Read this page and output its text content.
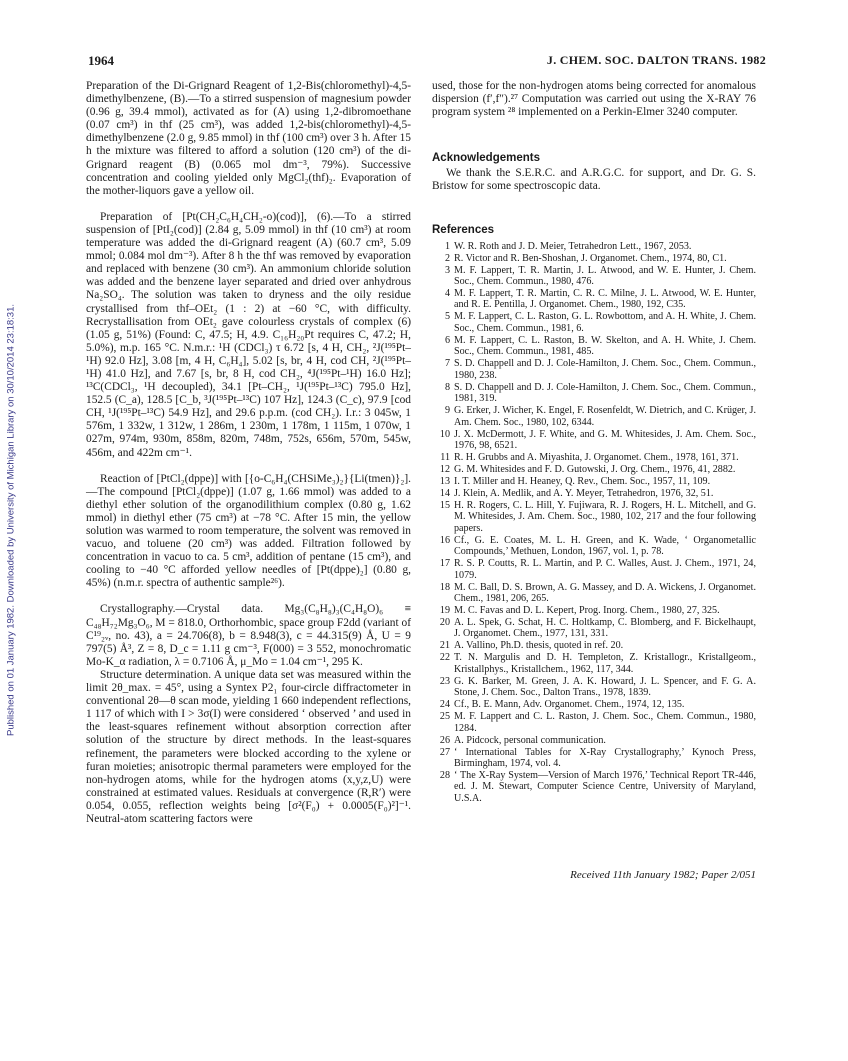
Published on 01 January 1982. Downloaded by University of Michigan Library on 30/10/2014 23:18:31.
1964	J. CHEM. SOC. DALTON TRANS. 1982

Preparation of the Di-Grignard Reagent of 1,2-Bis(chloromethyl)-4,5-dimethylbenzene, (B).—To a stirred suspension of magnesium powder (0.96 g, 39.4 mmol), activated as for (A) using 1,2-dibromoethane (0.07 cm³) in thf (25 cm³), was added 1,2-bis(chloromethyl)-4,5-dimethylbenzene (2.0 g, 9.85 mmol) in thf (100 cm³) over 3 h. After 15 h the mixture was filtered to afford a solution (120 cm³) of the di-Grignard reagent (B) (0.065 mol dm⁻³, 79%). Successive concentration and cooling yielded only MgCl₂(thf)₂. Evaporation of the mother-liquors gave a yellow oil.

Preparation of [Pt(CH₂C₆H₄CH₂-o)(cod)], (6).—To a stirred suspension of [PtI₂(cod)] (2.84 g, 5.09 mmol) in thf (10 cm³) at room temperature was added the di-Grignard reagent (A) (60.7 cm³, 5.09 mmol; 0.084 mol dm⁻³). After 8 h the thf was removed by evaporation and replaced with benzene (30 cm³). An ammonium chloride solution was added and the benzene layer separated and dried over anhydrous Na₂SO₄. The solution was taken to dryness and the oily residue crystallised from thf–OEt₂ (1 : 2) at −60 °C, with difficulty. Recrystallisation from OEt₂ gave colourless crystals of complex (6) (1.05 g, 51%) (Found: C, 47.5; H, 4.9. C₁₆H₂₀Pt requires C, 47.2; H, 5.0%), m.p. 165 °C. N.m.r.: ¹H (CDCl₃) τ 6.72 [s, 4 H, CH₂, ²J(¹⁹⁵Pt–¹H) 92.0 Hz], 3.08 [m, 4 H, C₆H₄], 5.02 [s, br, 4 H, cod CH, ²J(¹⁹⁵Pt–¹H) 41.0 Hz], and 7.67 [s, br, 8 H, cod CH₂, ⁴J(¹⁹⁵Pt–¹H) 16.0 Hz]; ¹³C(CDCl₃, ¹H decoupled), 34.1 [Pt–CH₂, ¹J(¹⁹⁵Pt–¹³C) 795.0 Hz], 152.5 (C_a), 128.5 [C_b, ³J(¹⁹⁵Pt–¹³C) 107 Hz], 124.3 (C_c), 97.9 [cod CH, ¹J(¹⁹⁵Pt–¹³C) 54.9 Hz], and 29.6 p.p.m. (cod CH₂). I.r.: 3 045w, 1 576m, 1 332w, 1 312w, 1 286m, 1 230m, 1 178m, 1 115m, 1 070w, 1 027m, 974m, 930m, 858m, 820m, 748m, 752s, 656m, 570m, 545w, 456m, and 422m cm⁻¹.

Reaction of [PtCl₂(dppe)] with [{o-C₆H₄(CHSiMe₃)₂}{Li(tmen)}₂].—The compound [PtCl₂(dppe)] (1.07 g, 1.66 mmol) was added to a diethyl ether solution of the organodilithium complex (0.80 g, 1.62 mmol) in diethyl ether (75 cm³) at −78 °C. After 15 min, the yellow solution was warmed to room temperature, the solvent was removed in vacuo, and toluene (20 cm³) was added. Filtration followed by concentration in vacuo to ca. 5 cm³, addition of pentane (15 cm³), and cooling to −40 °C afforded yellow needles of [Pt(dppe)₂] (0.80 g, 45%) (n.m.r. spectra of authentic sample²⁶).

Crystallography.—Crystal data. Mg₃(C₈H₈)₃(C₄H₈O)₆ ≡ C₄₈H₇₂Mg₃O₆, M = 818.0, Orthorhombic, space group F2dd (variant of C¹⁹₂ᵥ, no. 43), a = 24.706(8), b = 8.948(3), c = 44.315(9) Å, U = 9 797(5) Å³, Z = 8, D_c = 1.11 g cm⁻³, F(000) = 3 552, monochromatic Mo-K_α radiation, λ = 0.7106 Å, μ_Mo = 1.04 cm⁻¹, 295 K.

Structure determination. A unique data set was measured within the limit 2θ_max. = 45°, using a Syntex P2₁ four-circle diffractometer in conventional 2θ—θ scan mode, yielding 1 660 independent reflections, 1 117 of which with I > 3σ(I) were considered ‘ observed ’ and used in the least-squares refinement without absorption correction after solution of the structure by direct methods. In the least-squares refinement, the parameters were blocked according to the xylene or furan moieties; anisotropic thermal parameters were employed for the non-hydrogen atoms, while for the hydrogen atoms (x,y,z,U) were constrained at estimated values. Residuals at convergence (R,R′) were 0.054, 0.055, reflection weights being [σ²(F₀) + 0.0005(F₀)²]⁻¹. Neutral-atom scattering factors were

used, those for the non-hydrogen atoms being corrected for anomalous dispersion (f′,f″).²⁷ Computation was carried out using the X-RAY 76 program system ²⁸ implemented on a Perkin-Elmer 3240 computer.

Acknowledgements

We thank the S.E.R.C. and A.R.G.C. for support, and Dr. G. S. Bristow for some spectroscopic data.

References
1 W. R. Roth and J. D. Meier, Tetrahedron Lett., 1967, 2053.
2 R. Victor and R. Ben-Shoshan, J. Organomet. Chem., 1974, 80, C1.
3 M. F. Lappert, T. R. Martin, J. L. Atwood, and W. E. Hunter, J. Chem. Soc., Chem. Commun., 1980, 476.
4 M. F. Lappert, T. R. Martin, C. R. C. Milne, J. L. Atwood, W. E. Hunter, and R. E. Pentilla, J. Organomet. Chem., 1980, 192, C35.
5 M. F. Lappert, C. L. Raston, G. L. Rowbottom, and A. H. White, J. Chem. Soc., Chem. Commun., 1981, 6.
6 M. F. Lappert, C. L. Raston, B. W. Skelton, and A. H. White, J. Chem. Soc., Chem. Commun., 1981, 485.
7 S. D. Chappell and D. J. Cole-Hamilton, J. Chem. Soc., Chem. Commun., 1980, 238.
8 S. D. Chappell and D. J. Cole-Hamilton, J. Chem. Soc., Chem. Commun., 1981, 319.
9 G. Erker, J. Wicher, K. Engel, F. Rosenfeldt, W. Dietrich, and C. Krüger, J. Am. Chem. Soc., 1980, 102, 6344.
10 J. X. McDermott, J. F. White, and G. M. Whitesides, J. Am. Chem. Soc., 1976, 98, 6521.
11 R. H. Grubbs and A. Miyashita, J. Organomet. Chem., 1978, 161, 371.
12 G. M. Whitesides and F. D. Gutowski, J. Org. Chem., 1976, 41, 2882.
13 I. T. Miller and H. Heaney, Q. Rev., Chem. Soc., 1957, 11, 109.
14 J. Klein, A. Medlik, and A. Y. Meyer, Tetrahedron, 1976, 32, 51.
15 H. R. Rogers, C. L. Hill, Y. Fujiwara, R. J. Rogers, H. L. Mitchell, and G. M. Whitesides, J. Am. Chem. Soc., 1980, 102, 217 and the four following papers.
16 Cf., G. E. Coates, M. L. H. Green, and K. Wade, ‘ Organometallic Compounds,’ Methuen, London, 1967, vol. 1, p. 78.
17 R. S. P. Coutts, R. L. Martin, and P. C. Walles, Aust. J. Chem., 1971, 24, 1079.
18 M. C. Ball, D. S. Brown, A. G. Massey, and D. A. Wickens, J. Organomet. Chem., 1981, 206, 265.
19 M. C. Favas and D. L. Kepert, Prog. Inorg. Chem., 1980, 27, 325.
20 A. L. Spek, G. Schat, H. C. Holtkamp, C. Blomberg, and F. Bickelhaupt, J. Organomet. Chem., 1977, 131, 331.
21 A. Vallino, Ph.D. thesis, quoted in ref. 20.
22 T. N. Margulis and D. H. Templeton, Z. Kristallogr., Kristallgeom., Kristallphys., Kristallchem., 1962, 117, 344.
23 G. K. Barker, M. Green, J. A. K. Howard, J. L. Spencer, and F. G. A. Stone, J. Chem. Soc., Dalton Trans., 1978, 1839.
24 Cf., B. E. Mann, Adv. Organomet. Chem., 1974, 12, 135.
25 M. F. Lappert and C. L. Raston, J. Chem. Soc., Chem. Commun., 1980, 1284.
26 A. Pidcock, personal communication.
27 ‘ International Tables for X-Ray Crystallography,’ Kynoch Press, Birmingham, 1974, vol. 4.
28 ‘ The X-Ray System—Version of March 1976,’ Technical Report TR-446, ed. J. M. Stewart, Computer Science Centre, University of Maryland, U.S.A.
Received 11th January 1982; Paper 2/051
